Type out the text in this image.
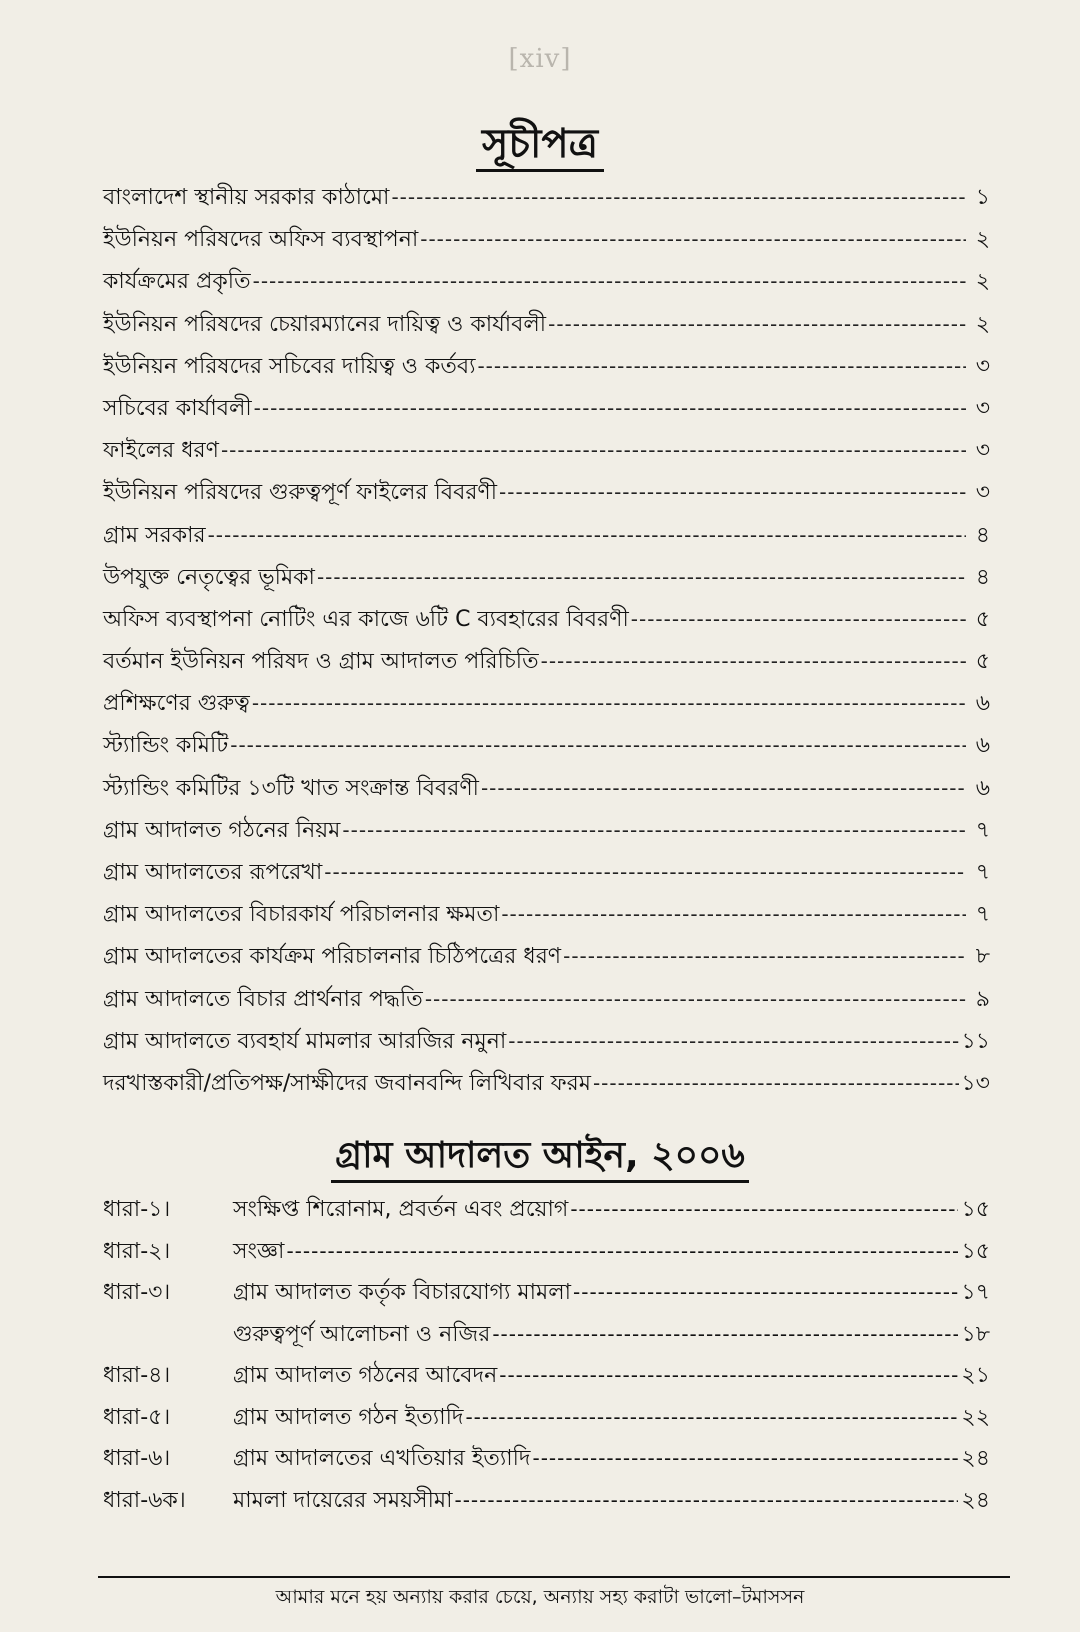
[xiv]
সূচীপত্র
বাংলাদেশ স্থানীয় সরকার কাঠামো -----	১
ইউনিয়ন পরিষদের অফিস ব্যবস্থাপনা -----	২
কার্যক্রমের প্রকৃতি -----	২
ইউনিয়ন পরিষদের চেয়ারম্যানের দায়িত্ব ও কার্যাবলী -----	২
ইউনিয়ন পরিষদের সচিবের দায়িত্ব ও কর্তব্য -----	৩
সচিবের কার্যাবলী -----	৩
ফাইলের ধরণ -----	৩
ইউনিয়ন পরিষদের গুরুত্বপূর্ণ ফাইলের বিবরণী -----	৩
গ্রাম সরকার -----	৪
উপযুক্ত নেতৃত্বের ভূমিকা -----	৪
অফিস ব্যবস্থাপনা নোটিং এর কাজে ৬টি C ব্যবহারের বিবরণী -----	৫
বর্তমান ইউনিয়ন পরিষদ ও গ্রাম আদালত পরিচিতি -----	৫
প্রশিক্ষণের গুরুত্ব -----	৬
স্ট্যান্ডিং কমিটি -----	৬
স্ট্যান্ডিং কমিটির ১৩টি খাত সংক্রান্ত বিবরণী -----	৬
গ্রাম আদালত গঠনের নিয়ম -----	৭
গ্রাম আদালতের রূপরেখা -----	৭
গ্রাম আদালতের বিচারকার্য পরিচালনার ক্ষমতা -----	৭
গ্রাম আদালতের কার্যক্রম পরিচালনার চিঠিপত্রের ধরণ -----	৮
গ্রাম আদালতে বিচার প্রার্থনার পদ্ধতি -----	৯
গ্রাম আদালতে ব্যবহার্য মামলার আরজির নমুনা -----	১১
দরখাস্তকারী/প্রতিপক্ষ/সাক্ষীদের জবানবন্দি লিখিবার ফরম -----	১৩
গ্রাম আদালত আইন, ২০০৬
ধারা-১।	সংক্ষিপ্ত শিরোনাম, প্রবর্তন এবং প্রয়োগ -----	১৫
ধারা-২।	সংজ্ঞা -----	১৫
ধারা-৩।	গ্রাম আদালত কর্তৃক বিচারযোগ্য মামলা -----	১৭
গুরুত্বপূর্ণ আলোচনা ও নজির -----	১৮
ধারা-৪।	গ্রাম আদালত গঠনের আবেদন -----	২১
ধারা-৫।	গ্রাম আদালত গঠন ইত্যাদি -----	২২
ধারা-৬।	গ্রাম আদালতের এখতিয়ার ইত্যাদি -----	২৪
ধারা-৬ক।	মামলা দায়েরের সময়সীমা -----	২৪
আমার মনে হয় অন্যায় করার চেয়ে, অন্যায় সহ্য করাটা ভালো–টমাসসন
